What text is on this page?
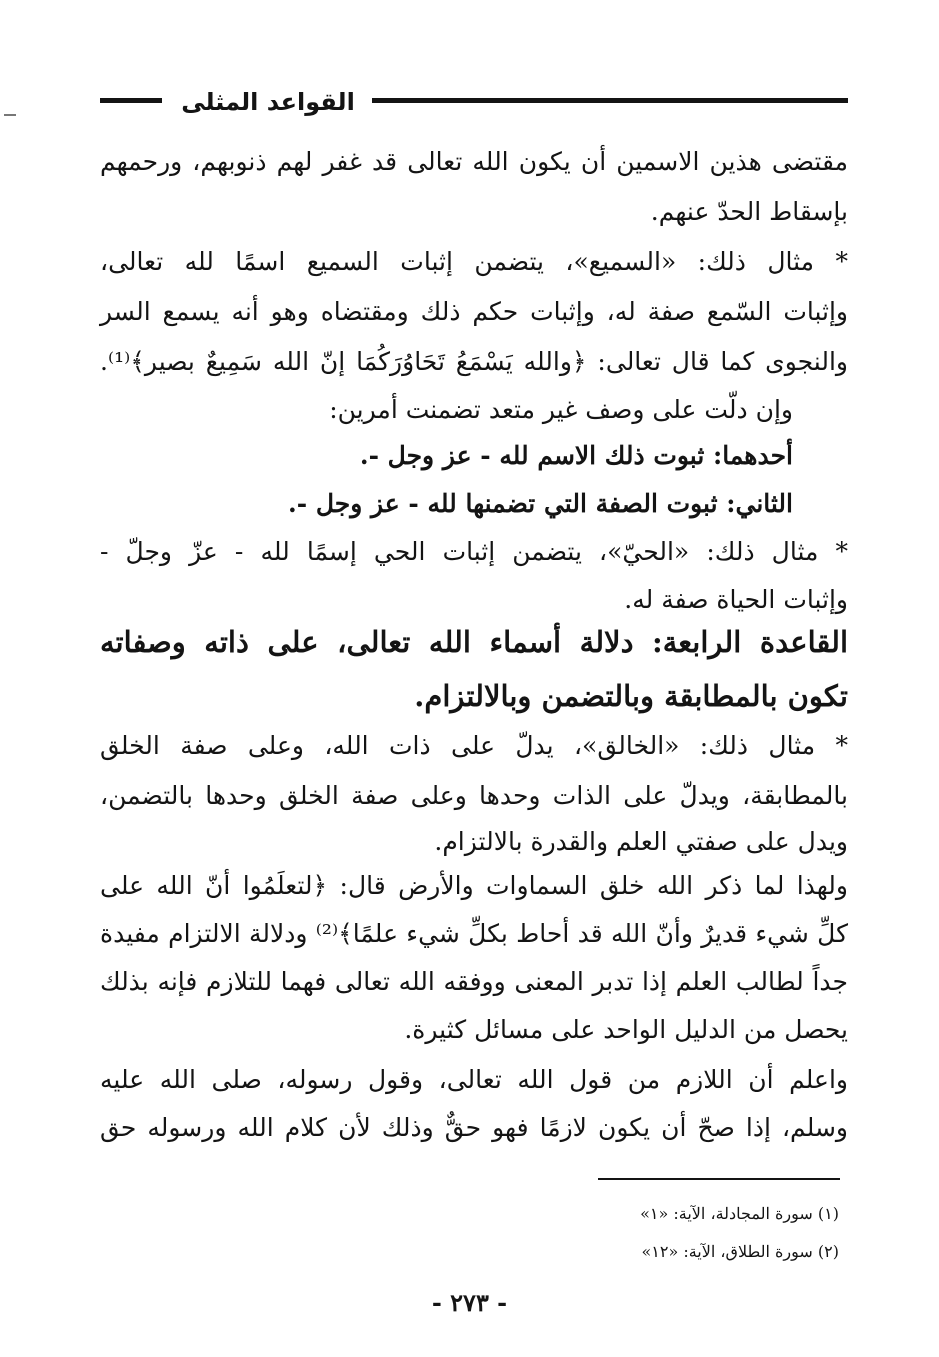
القواعد المثلى
مقتضى هذين الاسمين أن يكون الله تعالى قد غفر لهم ذنوبهم، ورحمهم
بإسقاط الحدّ عنهم.
* مثال ذلك: «السميع»، يتضمن إثبات السميع اسمًا لله تعالى،
وإثبات السّمع صفة له، وإثبات حكم ذلك ومقتضاه وهو أنه يسمع السر
والنجوى كما قال تعالى: ﴿والله يَسْمَعُ تَحَاوُرَكُمَا إنّ الله سَمِيعٌ بصير﴾⁽¹⁾.
وإن دلّت على وصف غير متعد تضمنت أمرين:
أحدهما: ثبوت ذلك الاسم لله - عز وجل -.
الثاني: ثبوت الصفة التي تضمنها لله - عز وجل -.
* مثال ذلك: «الحيّ»، يتضمن إثبات الحي إسمًا لله - عزّ وجلّ -
وإثبات الحياة صفة له.
القاعدة الرابعة: دلالة أسماء الله تعالى، على ذاته وصفاته
تكون بالمطابقة وبالتضمن وبالالتزام.
* مثال ذلك: «الخالق»، يدلّ على ذات الله، وعلى صفة الخلق
بالمطابقة، ويدلّ على الذات وحدها وعلى صفة الخلق وحدها بالتضمن،
ويدل على صفتي العلم والقدرة بالالتزام.
ولهذا لما ذكر الله خلق السماوات والأرض قال: ﴿لتعلَمُوا أنّ الله على
كلِّ شيء قديرٌ وأنّ الله قد أحاط بكلِّ شيء علمًا﴾⁽²⁾ ودلالة الالتزام مفيدة
جداً لطالب العلم إذا تدبر المعنى ووفقه الله تعالى فهما للتلازم فإنه بذلك
يحصل من الدليل الواحد على مسائل كثيرة.
واعلم أن اللازم من قول الله تعالى، وقول رسوله، صلى الله عليه
وسلم، إذا صحّ أن يكون لازمًا فهو حقٌّ وذلك لأن كلام الله ورسوله حق
(١) سورة المجادلة، الآية: «١»
(٢) سورة الطلاق، الآية: «١٢»
- ٢٧٣ -
